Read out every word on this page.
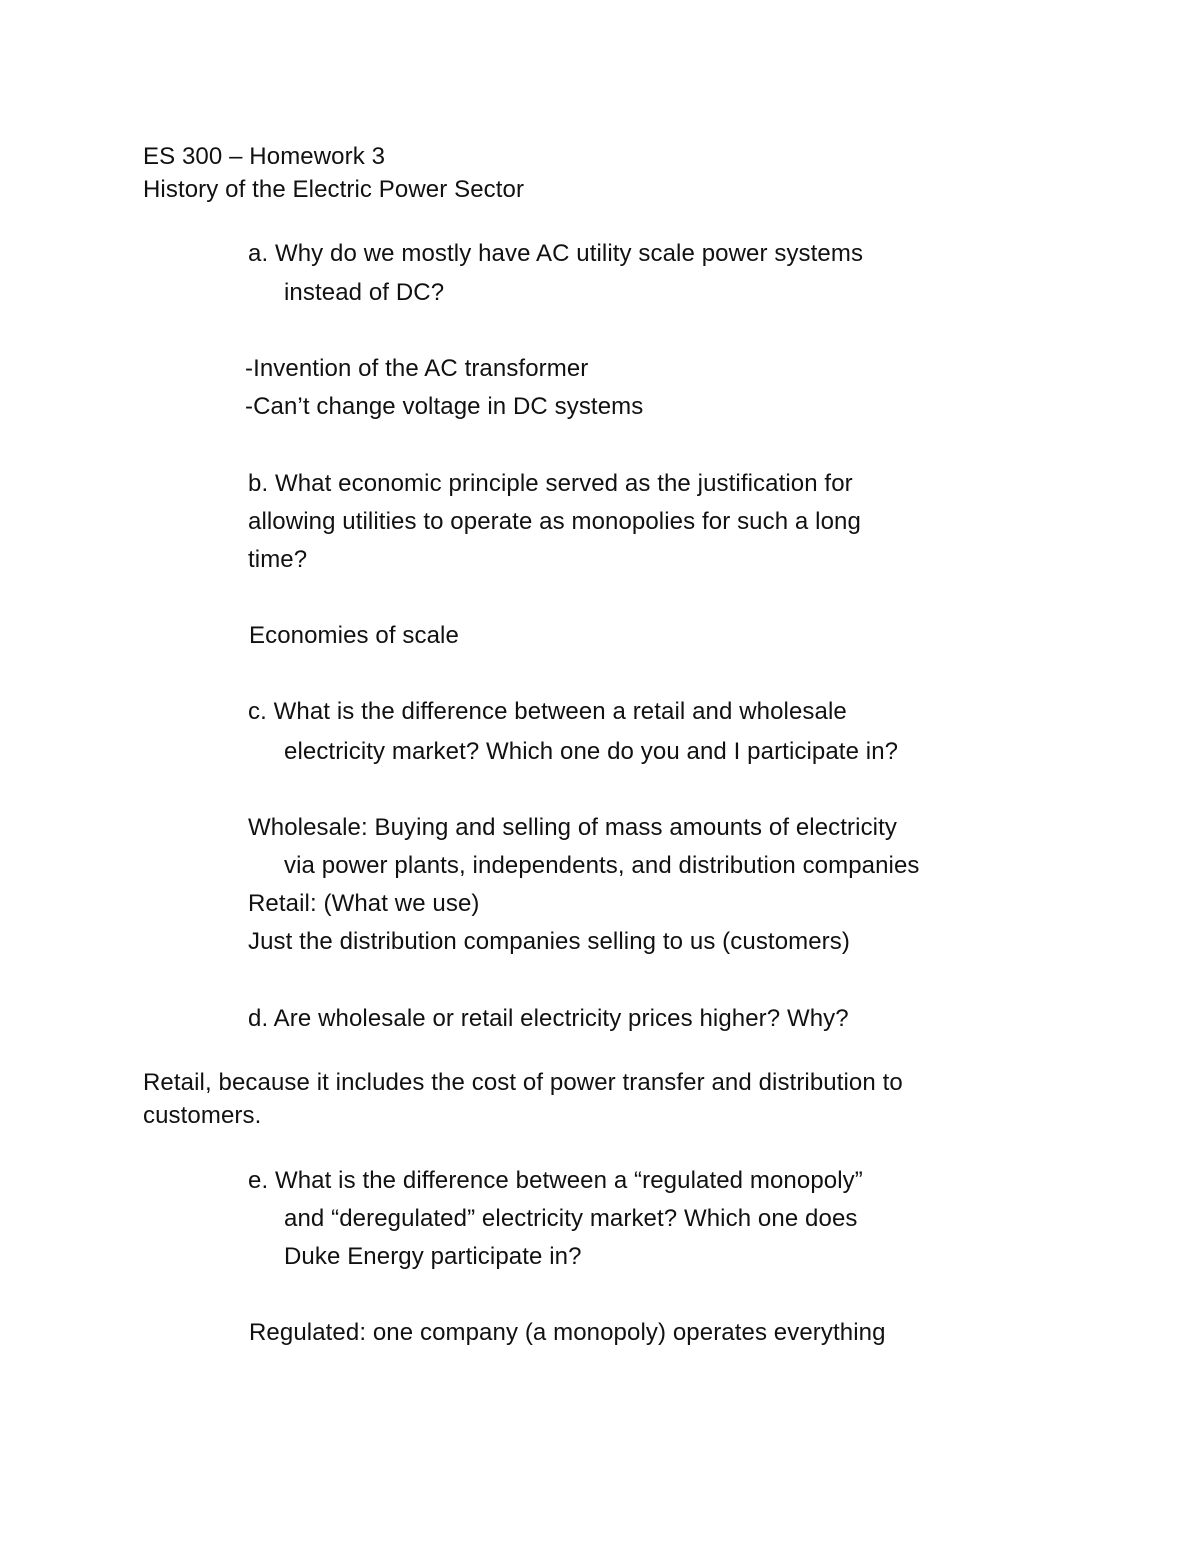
ES 300 – Homework 3
History of the Electric Power Sector
a. Why do we mostly have AC utility scale power systems
instead of DC?
-Invention of the AC transformer
-Can’t change voltage in DC systems
b. What economic principle served as the justification for
allowing utilities to operate as monopolies for such a long
time?
Economies of scale
c. What is the difference between a retail and wholesale
electricity market? Which one do you and I participate in?
Wholesale: Buying and selling of mass amounts of electricity
via power plants, independents, and distribution companies
Retail: (What we use)
Just the distribution companies selling to us (customers)
d. Are wholesale or retail electricity prices higher? Why?
Retail, because it includes the cost of power transfer and distribution to
customers.
e. What is the difference between a “regulated monopoly”
and “deregulated” electricity market? Which one does
Duke Energy participate in?
Regulated: one company (a monopoly) operates everything
